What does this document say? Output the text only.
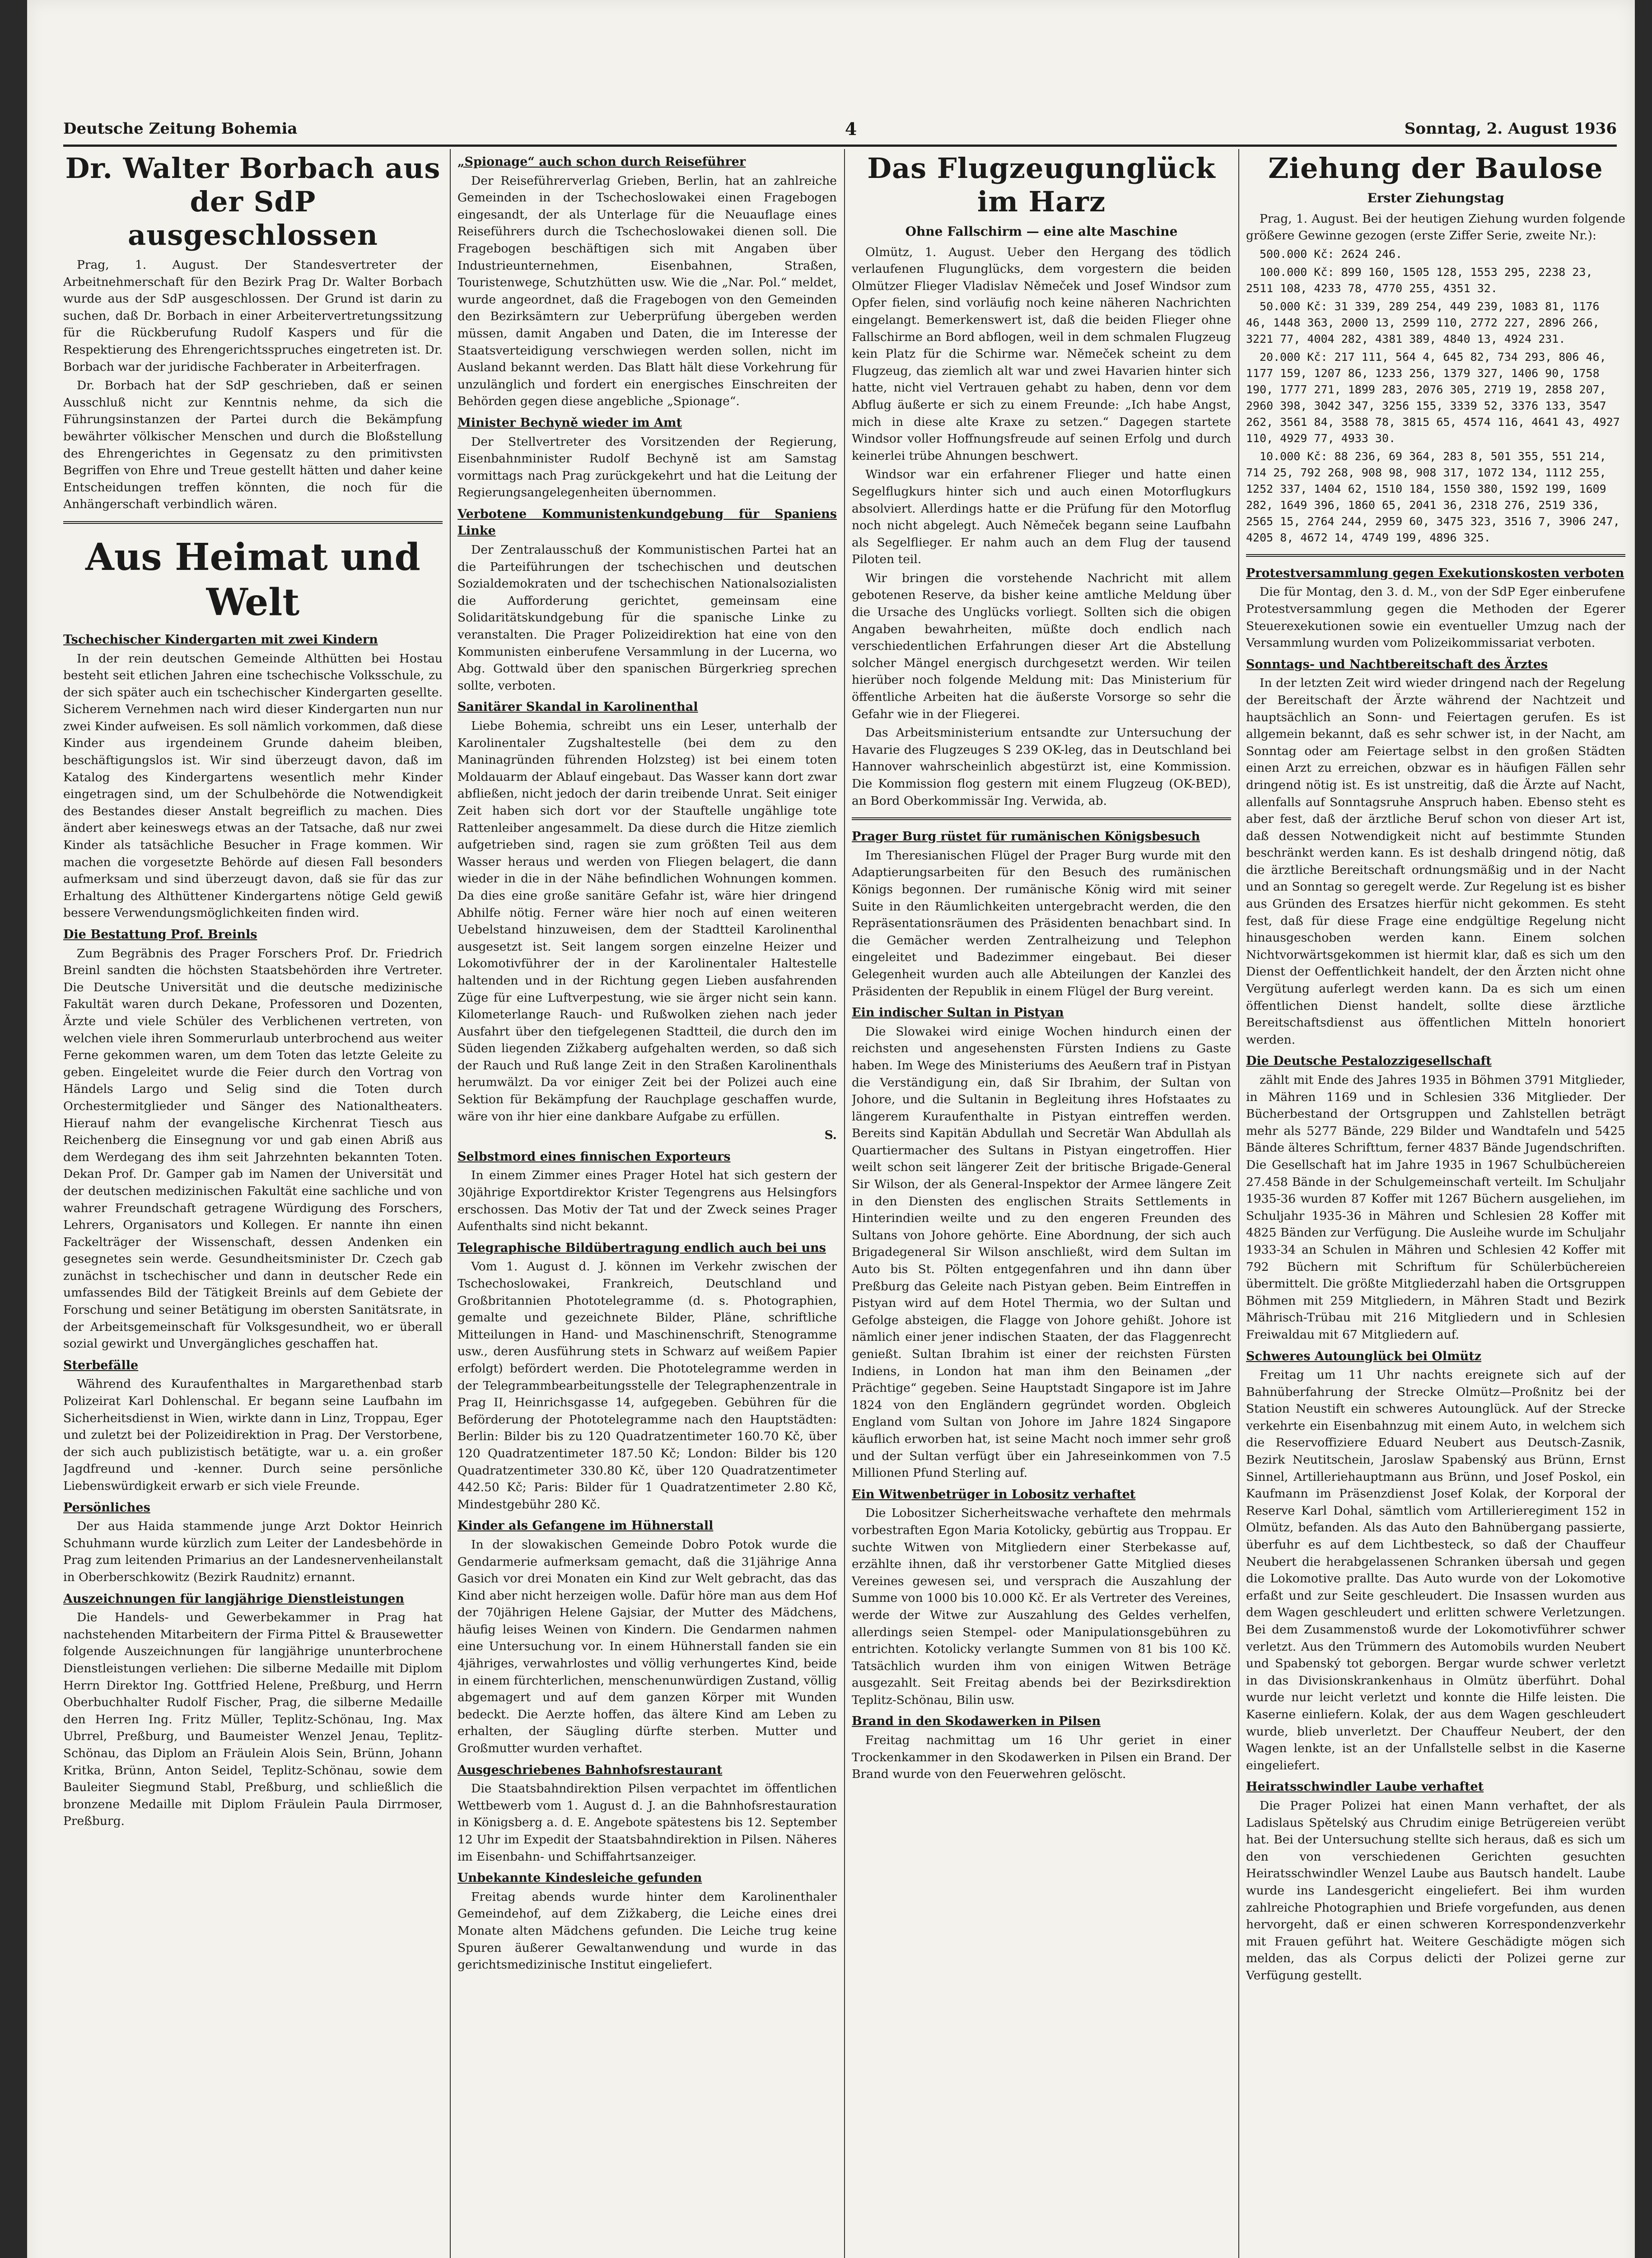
Deutsche Zeitung Bohemia	4	Sonntag, 2. August 1936
Dr. Walter Borbach aus der SdP ausgeschlossen

Prag, 1. August. Der Standesvertreter der Arbeitnehmerschaft für den Bezirk Prag Dr. Walter Borbach wurde aus der SdP ausgeschlossen. Der Grund ist darin zu suchen, daß Dr. Borbach in einer Arbeitervertretungssitzung für die Rückberufung Rudolf Kaspers und für die Respektierung des Ehrengerichtsspruches eingetreten ist. Dr. Borbach war der juridische Fachberater in Arbeiterfragen.

Dr. Borbach hat der SdP geschrieben, daß er seinen Ausschluß nicht zur Kenntnis nehme, da sich die Führungsinstanzen der Partei durch die Bekämpfung bewährter völkischer Menschen und durch die Bloßstellung des Ehrengerichtes in Gegensatz zu den primitivsten Begriffen von Ehre und Treue gestellt hätten und daher keine Entscheidungen treffen könnten, die noch für die Anhängerschaft verbindlich wären.

Aus Heimat und Welt
Tschechischer Kindergarten mit zwei Kindern

In der rein deutschen Gemeinde Althütten bei Hostau besteht seit etlichen Jahren eine tschechische Volksschule, zu der sich später auch ein tschechischer Kindergarten gesellte. Sicherem Vernehmen nach wird dieser Kindergarten nun nur zwei Kinder aufweisen. Es soll nämlich vorkommen, daß diese Kinder aus irgendeinem Grunde daheim bleiben, beschäftigungslos ist. Wir sind überzeugt davon, daß im Katalog des Kindergartens wesentlich mehr Kinder eingetragen sind, um der Schulbehörde die Notwendigkeit des Bestandes dieser Anstalt begreiflich zu machen. Dies ändert aber keineswegs etwas an der Tatsache, daß nur zwei Kinder als tatsächliche Besucher in Frage kommen. Wir machen die vorgesetzte Behörde auf diesen Fall besonders aufmerksam und sind überzeugt davon, daß sie für das zur Erhaltung des Althüttener Kindergartens nötige Geld gewiß bessere Verwendungsmöglichkeiten finden wird.

Die Bestattung Prof. Breinls

Zum Begräbnis des Prager Forschers Prof. Dr. Friedrich Breinl sandten die höchsten Staatsbehörden ihre Vertreter. Die Deutsche Universität und die deutsche medizinische Fakultät waren durch Dekane, Professoren und Dozenten, Ärzte und viele Schüler des Verblichenen vertreten, von welchen viele ihren Sommerurlaub unterbrochend aus weiter Ferne gekommen waren, um dem Toten das letzte Geleite zu geben. Eingeleitet wurde die Feier durch den Vortrag von Händels Largo und Selig sind die Toten durch Orchestermitglieder und Sänger des Nationaltheaters. Hierauf nahm der evangelische Kirchenrat Tiesch aus Reichenberg die Einsegnung vor und gab einen Abriß aus dem Werdegang des ihm seit Jahrzehnten bekannten Toten. Dekan Prof. Dr. Gamper gab im Namen der Universität und der deutschen medizinischen Fakultät eine sachliche und von wahrer Freundschaft getragene Würdigung des Forschers, Lehrers, Organisators und Kollegen. Er nannte ihn einen Fackelträger der Wissenschaft, dessen Andenken ein gesegnetes sein werde. Gesundheitsminister Dr. Czech gab zunächst in tschechischer und dann in deutscher Rede ein umfassendes Bild der Tätigkeit Breinls auf dem Gebiete der Forschung und seiner Betätigung im obersten Sanitätsrate, in der Arbeitsgemeinschaft für Volksgesundheit, wo er überall sozial gewirkt und Unvergängliches geschaffen hat.

Sterbefälle

Während des Kuraufenthaltes in Margarethenbad starb Polizeirat Karl Dohlenschal. Er begann seine Laufbahn im Sicherheitsdienst in Wien, wirkte dann in Linz, Troppau, Eger und zuletzt bei der Polizeidirektion in Prag. Der Verstorbene, der sich auch publizistisch betätigte, war u. a. ein großer Jagdfreund und -kenner. Durch seine persönliche Liebenswürdigkeit erwarb er sich viele Freunde.

Persönliches

Der aus Haida stammende junge Arzt Doktor Heinrich Schuhmann wurde kürzlich zum Leiter der Landesbehörde in Prag zum leitenden Primarius an der Landesnervenheilanstalt in Oberberschkowitz (Bezirk Raudnitz) ernannt.

Auszeichnungen für langjährige Dienstleistungen

Die Handels- und Gewerbekammer in Prag hat nachstehenden Mitarbeitern der Firma Pittel & Brausewetter folgende Auszeichnungen für langjährige ununterbrochene Dienstleistungen verliehen: Die silberne Medaille mit Diplom Herrn Direktor Ing. Gottfried Helene, Preßburg, und Herrn Oberbuchhalter Rudolf Fischer, Prag, die silberne Medaille den Herren Ing. Fritz Müller, Teplitz-Schönau, Ing. Max Ubrrel, Preßburg, und Baumeister Wenzel Jenau, Teplitz-Schönau, das Diplom an Fräulein Alois Sein, Brünn, Johann Kritka, Brünn, Anton Seidel, Teplitz-Schönau, sowie dem Bauleiter Siegmund Stabl, Preßburg, und schließlich die bronzene Medaille mit Diplom Fräulein Paula Dirrmoser, Preßburg.

„Spionage“ auch schon durch Reiseführer

Der Reiseführerverlag Grieben, Berlin, hat an zahlreiche Gemeinden in der Tschechoslowakei einen Fragebogen eingesandt, der als Unterlage für die Neuauflage eines Reiseführers durch die Tschechoslowakei dienen soll. Die Fragebogen beschäftigen sich mit Angaben über Industrieunternehmen, Eisenbahnen, Straßen, Touristenwege, Schutzhütten usw. Wie die „Nar. Pol.“ meldet, wurde angeordnet, daß die Fragebogen von den Gemeinden den Bezirksämtern zur Ueberprüfung übergeben werden müssen, damit Angaben und Daten, die im Interesse der Staatsverteidigung verschwiegen werden sollen, nicht im Ausland bekannt werden. Das Blatt hält diese Vorkehrung für unzulänglich und fordert ein energisches Einschreiten der Behörden gegen diese angebliche „Spionage“.

Minister Bechyně wieder im Amt

Der Stellvertreter des Vorsitzenden der Regierung, Eisenbahnminister Rudolf Bechyně ist am Samstag vormittags nach Prag zurückgekehrt und hat die Leitung der Regierungsangelegenheiten übernommen.

Verbotene Kommunistenkundgebung für Spaniens Linke

Der Zentralausschuß der Kommunistischen Partei hat an die Parteiführungen der tschechischen und deutschen Sozialdemokraten und der tschechischen Nationalsozialisten die Aufforderung gerichtet, gemeinsam eine Solidaritätskundgebung für die spanische Linke zu veranstalten. Die Prager Polizeidirektion hat eine von den Kommunisten einberufene Versammlung in der Lucerna, wo Abg. Gottwald über den spanischen Bürgerkrieg sprechen sollte, verboten.

Sanitärer Skandal in Karolinenthal

Liebe Bohemia, schreibt uns ein Leser, unterhalb der Karolinentaler Zugshaltestelle (bei dem zu den Maninagründen führenden Holzsteg) ist bei einem toten Moldauarm der Ablauf eingebaut. Das Wasser kann dort zwar abfließen, nicht jedoch der darin treibende Unrat. Seit einiger Zeit haben sich dort vor der Stauftelle ungählige tote Rattenleiber angesammelt. Da diese durch die Hitze ziemlich aufgetrieben sind, ragen sie zum größten Teil aus dem Wasser heraus und werden von Fliegen belagert, die dann wieder in die in der Nähe befindlichen Wohnungen kommen. Da dies eine große sanitäre Gefahr ist, wäre hier dringend Abhilfe nötig. Ferner wäre hier noch auf einen weiteren Uebelstand hinzuweisen, dem der Stadtteil Karolinenthal ausgesetzt ist. Seit langem sorgen einzelne Heizer und Lokomotivführer der in der Karolinentaler Haltestelle haltenden und in der Richtung gegen Lieben ausfahrenden Züge für eine Luftverpestung, wie sie ärger nicht sein kann. Kilometerlange Rauch- und Rußwolken ziehen nach jeder Ausfahrt über den tiefgelegenen Stadtteil, die durch den im Süden liegenden Zižkaberg aufgehalten werden, so daß sich der Rauch und Ruß lange Zeit in den Straßen Karolinenthals herumwälzt. Da vor einiger Zeit bei der Polizei auch eine Sektion für Bekämpfung der Rauchplage geschaffen wurde, wäre von ihr hier eine dankbare Aufgabe zu erfüllen.

S.
Selbstmord eines finnischen Exporteurs

In einem Zimmer eines Prager Hotel hat sich gestern der 30jährige Exportdirektor Krister Tegengrens aus Helsingfors erschossen. Das Motiv der Tat und der Zweck seines Prager Aufenthalts sind nicht bekannt.

Telegraphische Bildübertragung endlich auch bei uns

Vom 1. August d. J. können im Verkehr zwischen der Tschechoslowakei, Frankreich, Deutschland und Großbritannien Phototelegramme (d. s. Photographien, gemalte und gezeichnete Bilder, Pläne, schriftliche Mitteilungen in Hand- und Maschinenschrift, Stenogramme usw., deren Ausführung stets in Schwarz auf weißem Papier erfolgt) befördert werden. Die Phototelegramme werden in der Telegrammbearbeitungsstelle der Telegraphenzentrale in Prag II, Heinrichsgasse 14, aufgegeben. Gebühren für die Beförderung der Phototelegramme nach den Hauptstädten: Berlin: Bilder bis zu 120 Quadratzentimeter 160.70 Kč, über 120 Quadratzentimeter 187.50 Kč; London: Bilder bis 120 Quadratzentimeter 330.80 Kč, über 120 Quadratzentimeter 442.50 Kč; Paris: Bilder für 1 Quadratzentimeter 2.80 Kč, Mindestgebühr 280 Kč.

Kinder als Gefangene im Hühnerstall

In der slowakischen Gemeinde Dobro Potok wurde die Gendarmerie aufmerksam gemacht, daß die 31jährige Anna Gasich vor drei Monaten ein Kind zur Welt gebracht, das das Kind aber nicht herzeigen wolle. Dafür höre man aus dem Hof der 70jährigen Helene Gajsiar, der Mutter des Mädchens, häufig leises Weinen von Kindern. Die Gendarmen nahmen eine Untersuchung vor. In einem Hühnerstall fanden sie ein 4jähriges, verwahrlostes und völlig verhungertes Kind, beide in einem fürchterlichen, menschenunwürdigen Zustand, völlig abgemagert und auf dem ganzen Körper mit Wunden bedeckt. Die Aerzte hoffen, das ältere Kind am Leben zu erhalten, der Säugling dürfte sterben. Mutter und Großmutter wurden verhaftet.

Ausgeschriebenes Bahnhofsrestaurant

Die Staatsbahndirektion Pilsen verpachtet im öffentlichen Wettbewerb vom 1. August d. J. an die Bahnhofsrestauration in Königsberg a. d. E. Angebote spätestens bis 12. September 12 Uhr im Expedit der Staatsbahndirektion in Pilsen. Näheres im Eisenbahn- und Schiffahrtsanzeiger.

Unbekannte Kindesleiche gefunden

Freitag abends wurde hinter dem Karolinenthaler Gemeindehof, auf dem Zižkaberg, die Leiche eines drei Monate alten Mädchens gefunden. Die Leiche trug keine Spuren äußerer Gewaltanwendung und wurde in das gerichtsmedizinische Institut eingeliefert.

Das Flugzeugunglück im Harz
Ohne Fallschirm — eine alte Maschine

Olmütz, 1. August. Ueber den Hergang des tödlich verlaufenen Flugunglücks, dem vorgestern die beiden Olmützer Flieger Vladislav Němeček und Josef Windsor zum Opfer fielen, sind vorläufig noch keine näheren Nachrichten eingelangt. Bemerkenswert ist, daß die beiden Flieger ohne Fallschirme an Bord abflogen, weil in dem schmalen Flugzeug kein Platz für die Schirme war. Němeček scheint zu dem Flugzeug, das ziemlich alt war und zwei Havarien hinter sich hatte, nicht viel Vertrauen gehabt zu haben, denn vor dem Abflug äußerte er sich zu einem Freunde: „Ich habe Angst, mich in diese alte Kraxe zu setzen.“ Dagegen startete Windsor voller Hoffnungsfreude auf seinen Erfolg und durch keinerlei trübe Ahnungen beschwert.

Windsor war ein erfahrener Flieger und hatte einen Segelflugkurs hinter sich und auch einen Motorflugkurs absolviert. Allerdings hatte er die Prüfung für den Motorflug noch nicht abgelegt. Auch Němeček begann seine Laufbahn als Segelflieger. Er nahm auch an dem Flug der tausend Piloten teil.

Wir bringen die vorstehende Nachricht mit allem gebotenen Reserve, da bisher keine amtliche Meldung über die Ursache des Unglücks vorliegt. Sollten sich die obigen Angaben bewahrheiten, müßte doch endlich nach verschiedentlichen Erfahrungen dieser Art die Abstellung solcher Mängel energisch durchgesetzt werden. Wir teilen hierüber noch folgende Meldung mit: Das Ministerium für öffentliche Arbeiten hat die äußerste Vorsorge so sehr die Gefahr wie in der Fliegerei.

Das Arbeitsministerium entsandte zur Untersuchung der Havarie des Flugzeuges S 239 OK-leg, das in Deutschland bei Hannover wahrscheinlich abgestürzt ist, eine Kommission. Die Kommission flog gestern mit einem Flugzeug (OK-BED), an Bord Oberkommissär Ing. Verwida, ab.

Prager Burg rüstet für rumänischen Königsbesuch

Im Theresianischen Flügel der Prager Burg wurde mit den Adaptierungsarbeiten für den Besuch des rumänischen Königs begonnen. Der rumänische König wird mit seiner Suite in den Räumlichkeiten untergebracht werden, die den Repräsentationsräumen des Präsidenten benachbart sind. In die Gemächer werden Zentralheizung und Telephon eingeleitet und Badezimmer eingebaut. Bei dieser Gelegenheit wurden auch alle Abteilungen der Kanzlei des Präsidenten der Republik in einem Flügel der Burg vereint.

Ein indischer Sultan in Pistyan

Die Slowakei wird einige Wochen hindurch einen der reichsten und angesehensten Fürsten Indiens zu Gaste haben. Im Wege des Ministeriums des Aeußern traf in Pistyan die Verständigung ein, daß Sir Ibrahim, der Sultan von Johore, und die Sultanin in Begleitung ihres Hofstaates zu längerem Kuraufenthalte in Pistyan eintreffen werden. Bereits sind Kapitän Abdullah und Secretär Wan Abdullah als Quartiermacher des Sultans in Pistyan eingetroffen. Hier weilt schon seit längerer Zeit der britische Brigade-General Sir Wilson, der als General-Inspektor der Armee längere Zeit in den Diensten des englischen Straits Settlements in Hinterindien weilte und zu den engeren Freunden des Sultans von Johore gehörte. Eine Abordnung, der sich auch Brigadegeneral Sir Wilson anschließt, wird dem Sultan im Auto bis St. Pölten entgegenfahren und ihn dann über Preßburg das Geleite nach Pistyan geben. Beim Eintreffen in Pistyan wird auf dem Hotel Thermia, wo der Sultan und Gefolge absteigen, die Flagge von Johore gehißt. Johore ist nämlich einer jener indischen Staaten, der das Flaggenrecht genießt. Sultan Ibrahim ist einer der reichsten Fürsten Indiens, in London hat man ihm den Beinamen „der Prächtige“ gegeben. Seine Hauptstadt Singapore ist im Jahre 1824 von den Engländern gegründet worden. Obgleich England vom Sultan von Johore im Jahre 1824 Singapore käuflich erworben hat, ist seine Macht noch immer sehr groß und der Sultan verfügt über ein Jahreseinkommen von 7.5 Millionen Pfund Sterling auf.

Ein Witwenbetrüger in Lobositz verhaftet

Die Lobositzer Sicherheitswache verhaftete den mehrmals vorbestraften Egon Maria Kotolicky, gebürtig aus Troppau. Er suchte Witwen von Mitgliedern einer Sterbekasse auf, erzählte ihnen, daß ihr verstorbener Gatte Mitglied dieses Vereines gewesen sei, und versprach die Auszahlung der Summe von 1000 bis 10.000 Kč. Er als Vertreter des Vereines, werde der Witwe zur Auszahlung des Geldes verhelfen, allerdings seien Stempel- oder Manipulationsgebühren zu entrichten. Kotolicky verlangte Summen von 81 bis 100 Kč. Tatsächlich wurden ihm von einigen Witwen Beträge ausgezahlt. Seit Freitag abends bei der Bezirksdirektion Teplitz-Schönau, Bilin usw.

Brand in den Skodawerken in Pilsen

Freitag nachmittag um 16 Uhr geriet in einer Trockenkammer in den Skodawerken in Pilsen ein Brand. Der Brand wurde von den Feuerwehren gelöscht.

Ziehung der Baulose
Erster Ziehungstag

Prag, 1. August. Bei der heutigen Ziehung wurden folgende größere Gewinne gezogen (erste Ziffer Serie, zweite Nr.):

500.000 Kč: 2624 246.

100.000 Kč: 899 160, 1505 128, 1553 295, 2238 23, 2511 108, 4233 78, 4770 255, 4351 32.

50.000 Kč: 31 339, 289 254, 449 239, 1083 81, 1176 46, 1448 363, 2000 13, 2599 110, 2772 227, 2896 266, 3221 77, 4004 282, 4381 389, 4840 13, 4924 231.

20.000 Kč: 217 111, 564 4, 645 82, 734 293, 806 46, 1177 159, 1207 86, 1233 256, 1379 327, 1406 90, 1758 190, 1777 271, 1899 283, 2076 305, 2719 19, 2858 207, 2960 398, 3042 347, 3256 155, 3339 52, 3376 133, 3547 262, 3561 84, 3588 78, 3815 65, 4574 116, 4641 43, 4927 110, 4929 77, 4933 30.

10.000 Kč: 88 236, 69 364, 283 8, 501 355, 551 214, 714 25, 792 268, 908 98, 908 317, 1072 134, 1112 255, 1252 337, 1404 62, 1510 184, 1550 380, 1592 199, 1609 282, 1649 396, 1860 65, 2041 36, 2318 276, 2519 336, 2565 15, 2764 244, 2959 60, 3475 323, 3516 7, 3906 247, 4205 8, 4672 14, 4749 199, 4896 325.

Protestversammlung gegen Exekutionskosten verboten

Die für Montag, den 3. d. M., von der SdP Eger einberufene Protestversammlung gegen die Methoden der Egerer Steuerexekutionen sowie ein eventueller Umzug nach der Versammlung wurden vom Polizeikommissariat verboten.

Sonntags- und Nachtbereitschaft des Ärztes

In der letzten Zeit wird wieder dringend nach der Regelung der Bereitschaft der Ärzte während der Nachtzeit und hauptsächlich an Sonn- und Feiertagen gerufen. Es ist allgemein bekannt, daß es sehr schwer ist, in der Nacht, am Sonntag oder am Feiertage selbst in den großen Städten einen Arzt zu erreichen, obzwar es in häufigen Fällen sehr dringend nötig ist. Es ist unstreitig, daß die Ärzte auf Nacht, allenfalls auf Sonntagsruhe Anspruch haben. Ebenso steht es aber fest, daß der ärztliche Beruf schon von dieser Art ist, daß dessen Notwendigkeit nicht auf bestimmte Stunden beschränkt werden kann. Es ist deshalb dringend nötig, daß die ärztliche Bereitschaft ordnungsmäßig und in der Nacht und an Sonntag so geregelt werde. Zur Regelung ist es bisher aus Gründen des Ersatzes hierfür nicht gekommen. Es steht fest, daß für diese Frage eine endgültige Regelung nicht hinausgeschoben werden kann. Einem solchen Nichtvorwärtsgekommen ist hiermit klar, daß es sich um den Dienst der Oeffentlichkeit handelt, der den Ärzten nicht ohne Vergütung auferlegt werden kann. Da es sich um einen öffentlichen Dienst handelt, sollte diese ärztliche Bereitschaftsdienst aus öffentlichen Mitteln honoriert werden.

Die Deutsche Pestalozzigesellschaft

zählt mit Ende des Jahres 1935 in Böhmen 3791 Mitglieder, in Mähren 1169 und in Schlesien 336 Mitglieder. Der Bücherbestand der Ortsgruppen und Zahlstellen beträgt mehr als 5277 Bände, 229 Bilder und Wandtafeln und 5425 Bände älteres Schrifttum, ferner 4837 Bände Jugendschriften. Die Gesellschaft hat im Jahre 1935 in 1967 Schulbüchereien 27.458 Bände in der Schulgemeinschaft verteilt. Im Schuljahr 1935-36 wurden 87 Koffer mit 1267 Büchern ausgeliehen, im Schuljahr 1935-36 in Mähren und Schlesien 28 Koffer mit 4825 Bänden zur Verfügung. Die Ausleihe wurde im Schuljahr 1933-34 an Schulen in Mähren und Schlesien 42 Koffer mit 792 Büchern mit Schriftum für Schülerbüchereien übermittelt. Die größte Mitgliederzahl haben die Ortsgruppen Böhmen mit 259 Mitgliedern, in Mähren Stadt und Bezirk Mährisch-Trübau mit 216 Mitgliedern und in Schlesien Freiwaldau mit 67 Mitgliedern auf.

Schweres Autounglück bei Olmütz

Freitag um 11 Uhr nachts ereignete sich auf der Bahnüberfahrung der Strecke Olmütz—Proßnitz bei der Station Neustift ein schweres Autounglück. Auf der Strecke verkehrte ein Eisenbahnzug mit einem Auto, in welchem sich die Reservoffiziere Eduard Neubert aus Deutsch-Zasnik, Bezirk Neutitschein, Jaroslaw Spabenský aus Brünn, Ernst Sinnel, Artilleriehauptmann aus Brünn, und Josef Poskol, ein Kaufmann im Präsenzdienst Josef Kolak, der Korporal der Reserve Karl Dohal, sämtlich vom Artillerieregiment 152 in Olmütz, befanden. Als das Auto den Bahnübergang passierte, überfuhr es auf dem Lichtbesteck, so daß der Chauffeur Neubert die herabgelassenen Schranken übersah und gegen die Lokomotive prallte. Das Auto wurde von der Lokomotive erfaßt und zur Seite geschleudert. Die Insassen wurden aus dem Wagen geschleudert und erlitten schwere Verletzungen. Bei dem Zusammenstoß wurde der Lokomotivführer schwer verletzt. Aus den Trümmern des Automobils wurden Neubert und Spabenský tot geborgen. Bergar wurde schwer verletzt in das Divisionskrankenhaus in Olmütz überführt. Dohal wurde nur leicht verletzt und konnte die Hilfe leisten. Die Kaserne einliefern. Kolak, der aus dem Wagen geschleudert wurde, blieb unverletzt. Der Chauffeur Neubert, der den Wagen lenkte, ist an der Unfallstelle selbst in die Kaserne eingeliefert.

Heiratsschwindler Laube verhaftet

Die Prager Polizei hat einen Mann verhaftet, der als Ladislaus Spětelský aus Chrudim einige Betrügereien verübt hat. Bei der Untersuchung stellte sich heraus, daß es sich um den von verschiedenen Gerichten gesuchten Heiratsschwindler Wenzel Laube aus Bautsch handelt. Laube wurde ins Landesgericht eingeliefert. Bei ihm wurden zahlreiche Photographien und Briefe vorgefunden, aus denen hervorgeht, daß er einen schweren Korrespondenzverkehr mit Frauen geführt hat. Weitere Geschädigte mögen sich melden, das als Corpus delicti der Polizei gerne zur Verfügung gestellt.
